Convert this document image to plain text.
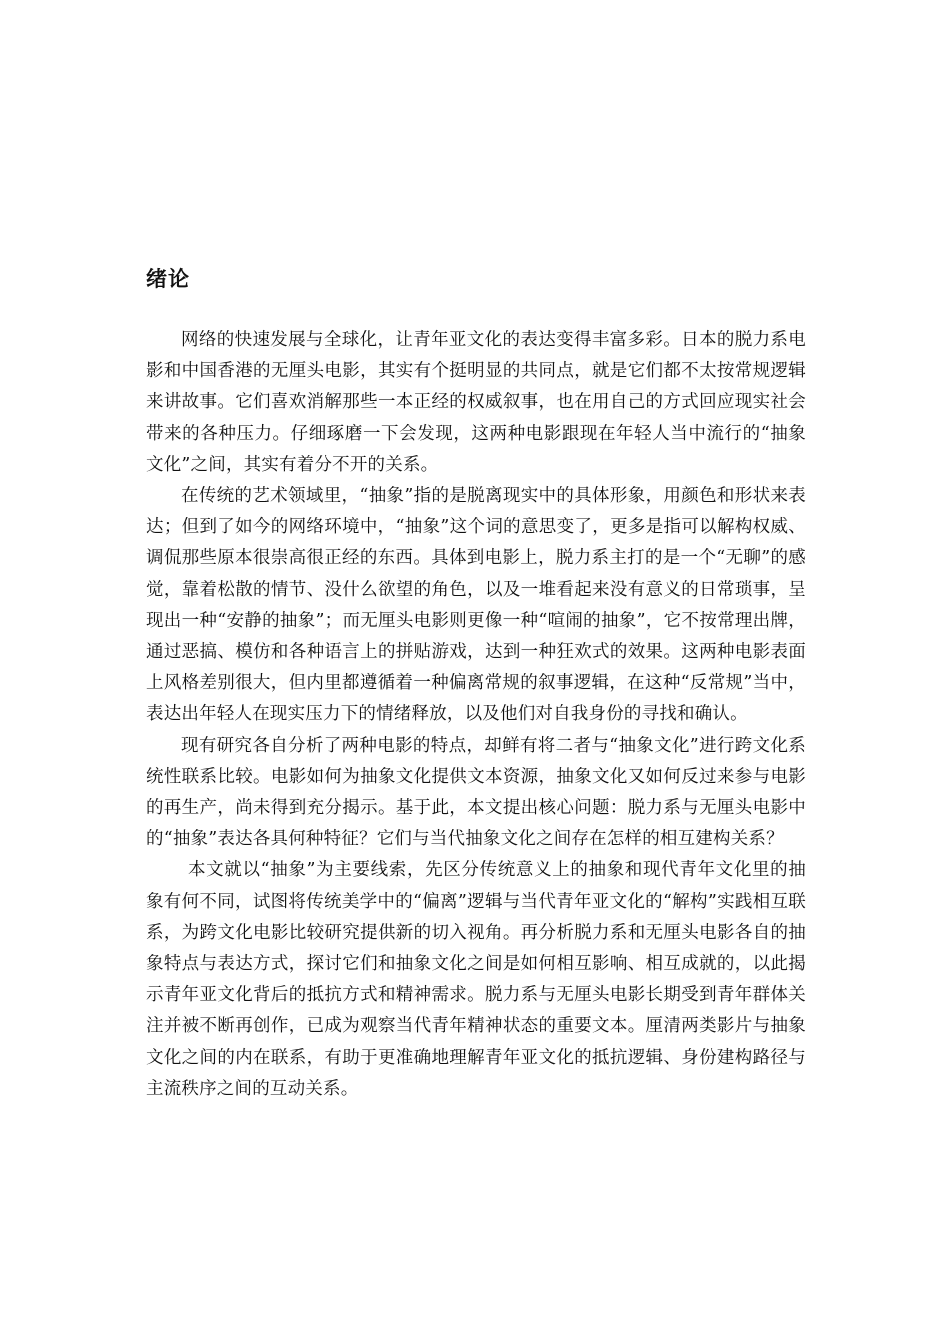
绪论

网络的快速发展与全球化，让青年亚文化的表达变得丰富多彩。日本的脱力系电影和中国香港的无厘头电影，其实有个挺明显的共同点，就是它们都不太按常规逻辑来讲故事。它们喜欢消解那些一本正经的权威叙事，也在用自己的方式回应现实社会带来的各种压力。仔细琢磨一下会发现，这两种电影跟现在年轻人当中流行的“抽象文化”之间，其实有着分不开的关系。

在传统的艺术领域里，“抽象”指的是脱离现实中的具体形象，用颜色和形状来表达；但到了如今的网络环境中，“抽象”这个词的意思变了，更多是指可以解构权威、调侃那些原本很崇高很正经的东西。具体到电影上，脱力系主打的是一个“无聊”的感觉，靠着松散的情节、没什么欲望的角色，以及一堆看起来没有意义的日常琐事，呈现出一种“安静的抽象”；而无厘头电影则更像一种“喧闹的抽象”，它不按常理出牌，通过恶搞、模仿和各种语言上的拼贴游戏，达到一种狂欢式的效果。这两种电影表面上风格差别很大，但内里都遵循着一种偏离常规的叙事逻辑，在这种“反常规”当中，表达出年轻人在现实压力下的情绪释放，以及他们对自我身份的寻找和确认。

现有研究各自分析了两种电影的特点，却鲜有将二者与“抽象文化”进行跨文化系统性联系比较。电影如何为抽象文化提供文本资源，抽象文化又如何反过来参与电影的再生产，尚未得到充分揭示。基于此，本文提出核心问题：脱力系与无厘头电影中的“抽象”表达各具何种特征？它们与当代抽象文化之间存在怎样的相互建构关系？

本文就以“抽象”为主要线索，先区分传统意义上的抽象和现代青年文化里的抽象有何不同，试图将传统美学中的“偏离”逻辑与当代青年亚文化的“解构”实践相互联系，为跨文化电影比较研究提供新的切入视角。再分析脱力系和无厘头电影各自的抽象特点与表达方式，探讨它们和抽象文化之间是如何相互影响、相互成就的，以此揭示青年亚文化背后的抵抗方式和精神需求。脱力系与无厘头电影长期受到青年群体关注并被不断再创作，已成为观察当代青年精神状态的重要文本。厘清两类影片与抽象文化之间的内在联系，有助于更准确地理解青年亚文化的抵抗逻辑、身份建构路径与主流秩序之间的互动关系。
